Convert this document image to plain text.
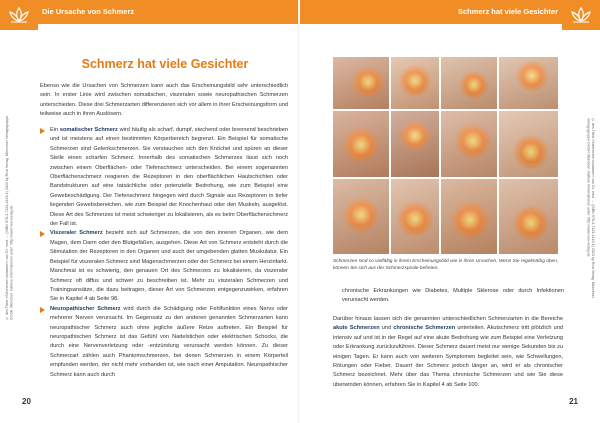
Die Ursache von Schmerz
© des Titels »Schmerzen loslassen« von Dr. med. … (ISBN 978-3-7423-2449-1) 2023 by Riva Verlag, Münchner Verlagsgruppe GmbH, München. Nähere Informationen unter: http://www.riva-verlag.de
Schmerz hat viele Gesichter

Ebenso wie die Ursachen von Schmerzen kann auch das Erscheinungsbild sehr unterschiedlich sein. In erster Linie wird zwischen somatischen, viszeralen sowie neuropathischen Schmerzen unterschieden. Diese drei Schmerzarten differenzieren sich vor allem in ihrer Erscheinungsform und teilweise auch in ihren Auslösern.

Ein somatischer Schmerz wird häufig als scharf, dumpf, stechend oder brennend beschrieben und ist meistens auf einen bestimmten Körperbereich begrenzt. Ein Beispiel für somatische Schmerzen sind Gelenkschmerzen. Sie verstauchen sich den Knöchel und spüren an dieser Stelle einen scharfen Schmerz. Innerhalb des somatischen Schmerzes lässt sich noch zwischen einem Oberflächen- oder Tiefenschmerz unterscheiden. Bei einem sogenannten Oberflächenschmerz reagieren die Rezeptoren in den oberflächlichen Hautschichten oder Bandstrukturen auf eine tatsächliche oder potenzielle Bedrohung, wie zum Beispiel eine Gewebeschädigung. Der Tiefenschmerz hingegen wird durch Signale aus Rezeptoren in tiefer liegenden Gewebsbereichen, wie zum Beispiel der Knochenhaut oder den Muskeln, ausgelöst. Diese Art des Schmerzes ist meist schwieriger zu lokalisieren, als es beim Oberflächenschmerz der Fall ist.
Viszeraler Schmerz bezieht sich auf Schmerzen, die von den inneren Organen, wie dem Magen, dem Darm oder den Blutgefäßen, ausgehen. Diese Art von Schmerz entsteht durch die Stimulation der Rezeptoren in den Organen und auch der umgebenden glatten Muskulatur. Ein Beispiel für viszeralen Schmerz sind Magenschmerzen oder der Schmerz bei einem Herzinfarkt. Manchmal ist es schwierig, den genauen Ort des Schmerzes zu lokalisieren, da viszeraler Schmerz oft diffus und schwer zu beschreiben ist. Mehr zu viszeralen Schmerzen und Trainingsansätze, die dazu beitragen, dieser Art von Schmerzen entgegenzuwirken, erfahren Sie in Kapitel 4 ab Seite 98.
Neuropathischer Schmerz wird durch die Schädigung oder Fehlfunktion eines Nervs oder mehrerer Nerven verursacht. Im Gegensatz zu den anderen genannten Schmerzarten kann neuropathischer Schmerz auch ohne jegliche äußere Reize auftreten. Ein Beispiel für neuropathischen Schmerz ist das Gefühl von Nadelstichen oder elektrischen Schocks, die durch eine Nervenverletzung oder -entzündung verursacht werden können. Zu dieser Schmerzart zählen auch Phantomschmerzen, bei denen Schmerzen in einem Körperteil empfunden werden, der nicht mehr vorhanden ist, wie nach einer Amputation. Neuropathischer Schmerz kann auch durch
20
Schmerz hat viele Gesichter
© des Titels »Schmerzen loslassen« von Dr. med. … (ISBN 978-3-7423-2449-1) 2023 by Riva Verlag, Münchner Verlagsgruppe GmbH, München. Nähere Informationen unter: http://www.riva-verlag.de

Schmerzen sind so vielfältig in ihrem Erscheinungsbild wie in ihren Ursachen. Wenn Sie regelmäßig üben, können Sie sich aus der Schmerzspirale befreien.

chronische Erkrankungen wie Diabetes, Multiple Sklerose oder durch Infektionen verursacht werden.

Darüber hinaus lassen sich die genannten unterschiedlichen Schmerzarten in die Bereiche akute Schmerzen und chronische Schmerzen unterteilen. Akutschmerz tritt plötzlich und intensiv auf und ist in der Regel auf eine akute Bedrohung wie zum Beispiel eine Verletzung oder Erkrankung zurückzuführen. Dieser Schmerz dauert meist nur wenige Sekunden bis zu einigen Tagen. Er kann auch von weiteren Symptomen begleitet sein, wie Schwellungen, Rötungen oder Fieber. Dauert der Schmerz jedoch länger an, wird er als chronischer Schmerz bezeichnet. Mehr über das Thema chronische Schmerzen und wie Sie diese überwinden können, erfahren Sie in Kapitel 4 ab Seite 100.

21
